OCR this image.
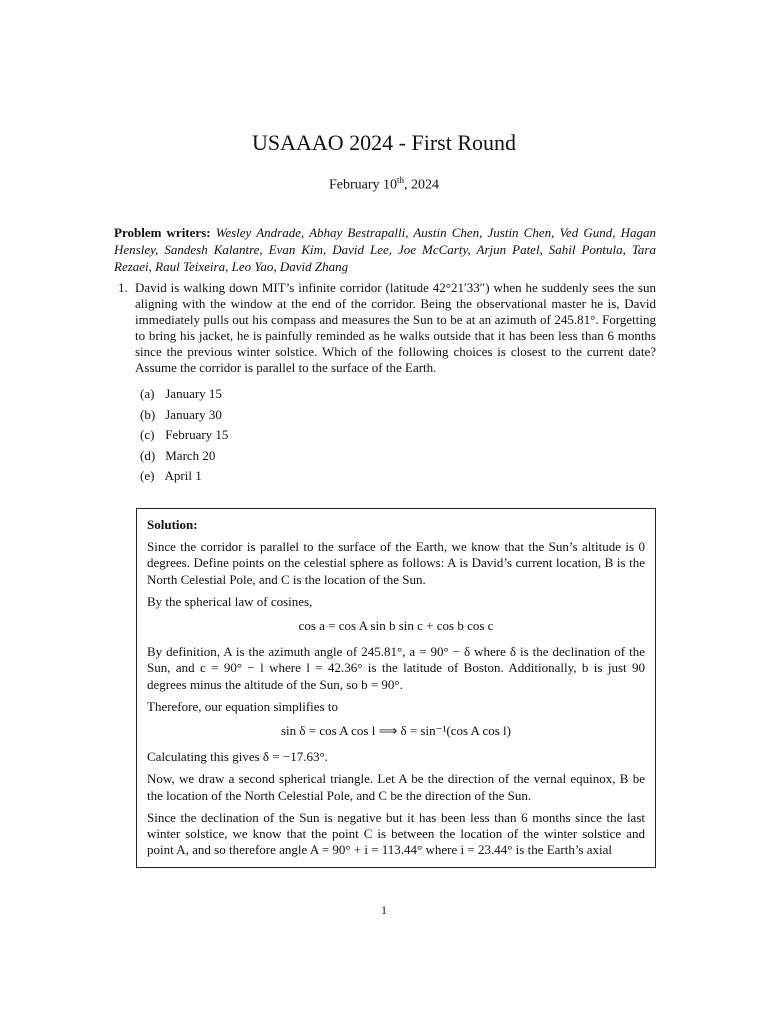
USAAAO 2024 - First Round
February 10th, 2024
Problem writers: Wesley Andrade, Abhay Bestrapalli, Austin Chen, Justin Chen, Ved Gund, Hagan Hensley, Sandesh Kalantre, Evan Kim, David Lee, Joe McCarty, Arjun Patel, Sahil Pontula, Tara Rezaei, Raul Teixeira, Leo Yao, David Zhang
1. David is walking down MIT’s infinite corridor (latitude 42°21′33″) when he suddenly sees the sun aligning with the window at the end of the corridor. Being the observational master he is, David immediately pulls out his compass and measures the Sun to be at an azimuth of 245.81°. Forgetting to bring his jacket, he is painfully reminded as he walks outside that it has been less than 6 months since the previous winter solstice. Which of the following choices is closest to the current date? Assume the corridor is parallel to the surface of the Earth.
(a) January 15
(b) January 30
(c) February 15
(d) March 20
(e) April 1

Solution:

Since the corridor is parallel to the surface of the Earth, we know that the Sun’s altitude is 0 degrees. Define points on the celestial sphere as follows: A is David’s current location, B is the North Celestial Pole, and C is the location of the Sun.

By the spherical law of cosines,

cos a = cos A sin b sin c + cos b cos c

By definition, A is the azimuth angle of 245.81°, a = 90° − δ where δ is the declination of the Sun, and c = 90° − l where l = 42.36° is the latitude of Boston. Additionally, b is just 90 degrees minus the altitude of the Sun, so b = 90°.

Therefore, our equation simplifies to

sin δ = cos A cos l ⟹ δ = sin⁻¹(cos A cos l)

Calculating this gives δ = −17.63°.

Now, we draw a second spherical triangle. Let A be the direction of the vernal equinox, B be the location of the North Celestial Pole, and C be the direction of the Sun.

Since the declination of the Sun is negative but it has been less than 6 months since the last winter solstice, we know that the point C is between the location of the winter solstice and point A, and so therefore angle A = 90° + i = 113.44° where i = 23.44° is the Earth’s axial

1
